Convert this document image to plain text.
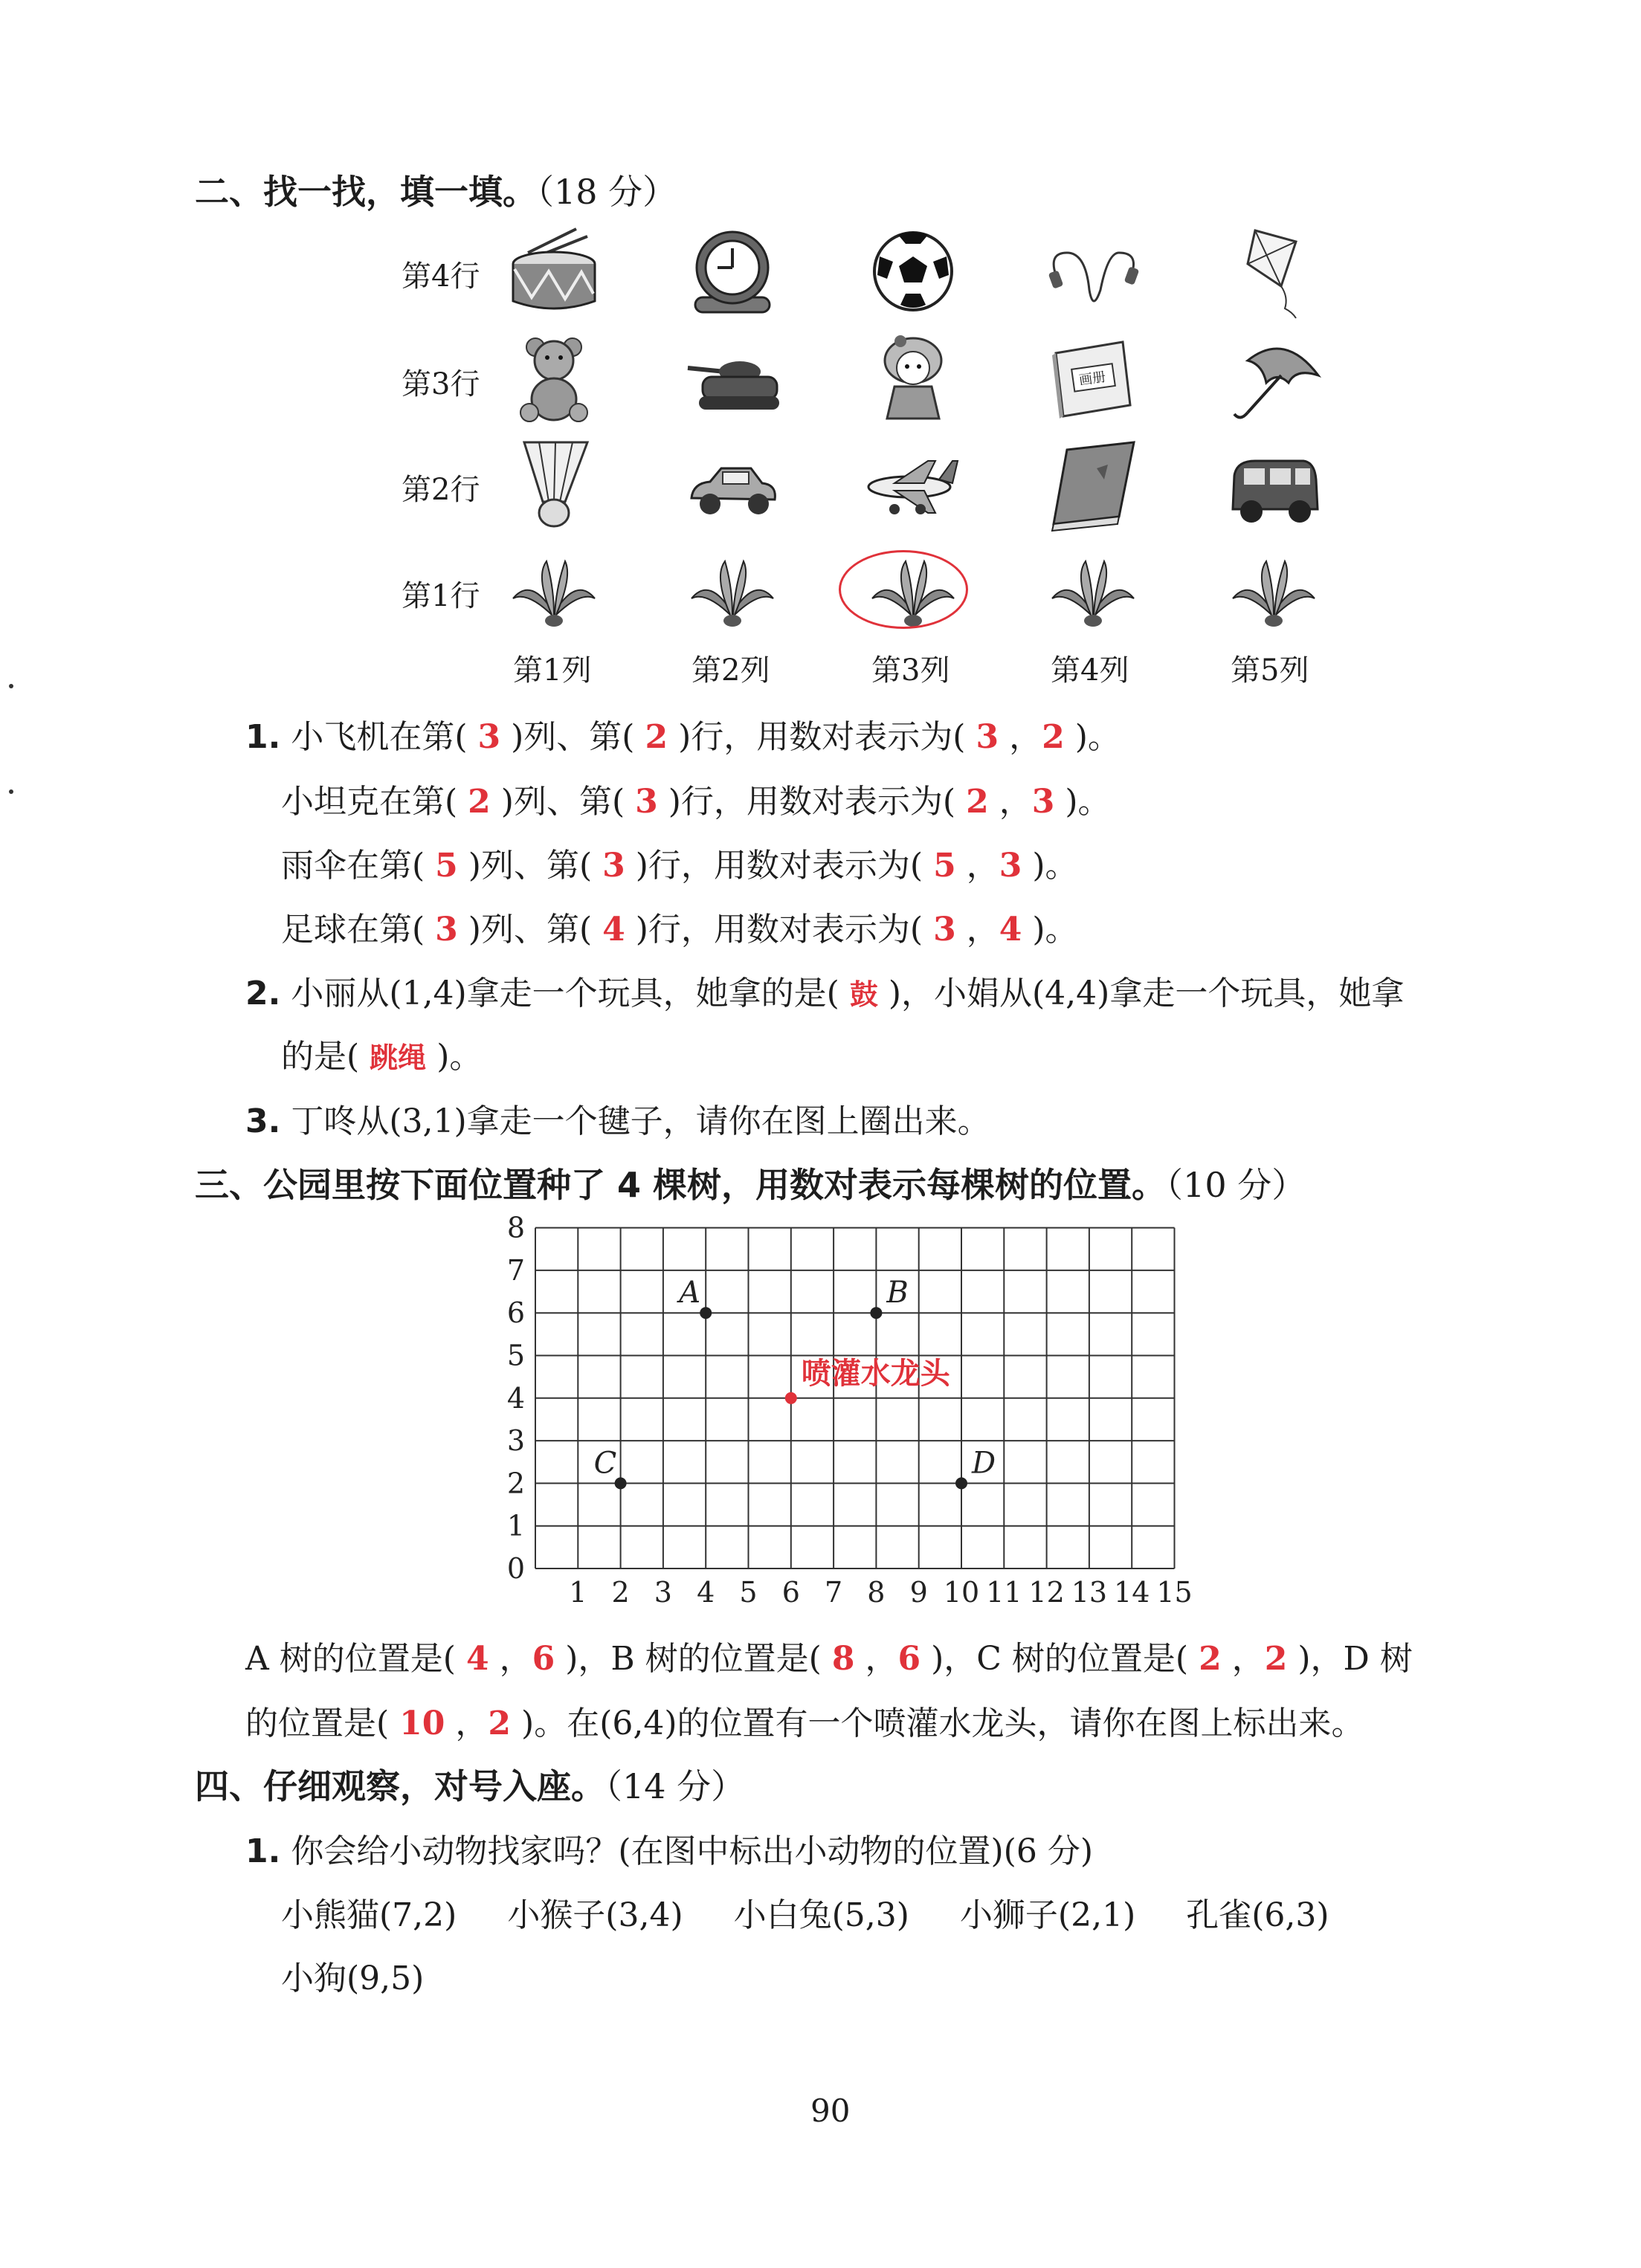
二、找一找，填一填。（18 分）
第4行
第3行
第2行
第1行
第1列	第2列	第3列	第4列	第5列
画册
1. 小飞机在第( 3 )列、第( 2 )行，用数对表示为( 3 ，2 )。
小坦克在第( 2 )列、第( 3 )行，用数对表示为( 2 ，3 )。
雨伞在第( 5 )列、第( 3 )行，用数对表示为( 5 ，3 )。
足球在第( 3 )列、第( 4 )行，用数对表示为( 3 ，4 )。
2. 小丽从(1,4)拿走一个玩具，她拿的是( 鼓 )，小娟从(4,4)拿走一个玩具，她拿
的是( 跳绳 )。
3. 丁咚从(3,1)拿走一个毽子，请你在图上圈出来。
三、公园里按下面位置种了 4 棵树，用数对表示每棵树的位置。（10 分）
1 2 3 4 5 6 7 8 9 10 11 12 13 14 15
0
1
2
3
4
5
6
7
8
A	B
C	D
喷灌水龙头
A 树的位置是( 4 ，6 )，B 树的位置是( 8 ，6 )，C 树的位置是( 2 ，2 )，D 树
的位置是( 10 ，2 )。在(6,4)的位置有一个喷灌水龙头，请你在图上标出来。
四、仔细观察，对号入座。（14 分）
1. 你会给小动物找家吗？(在图中标出小动物的位置)(6 分)
小熊猫(7,2) 小猴子(3,4) 小白兔(5,3) 小狮子(2,1) 孔雀(6,3)
小狗(9,5)
90
